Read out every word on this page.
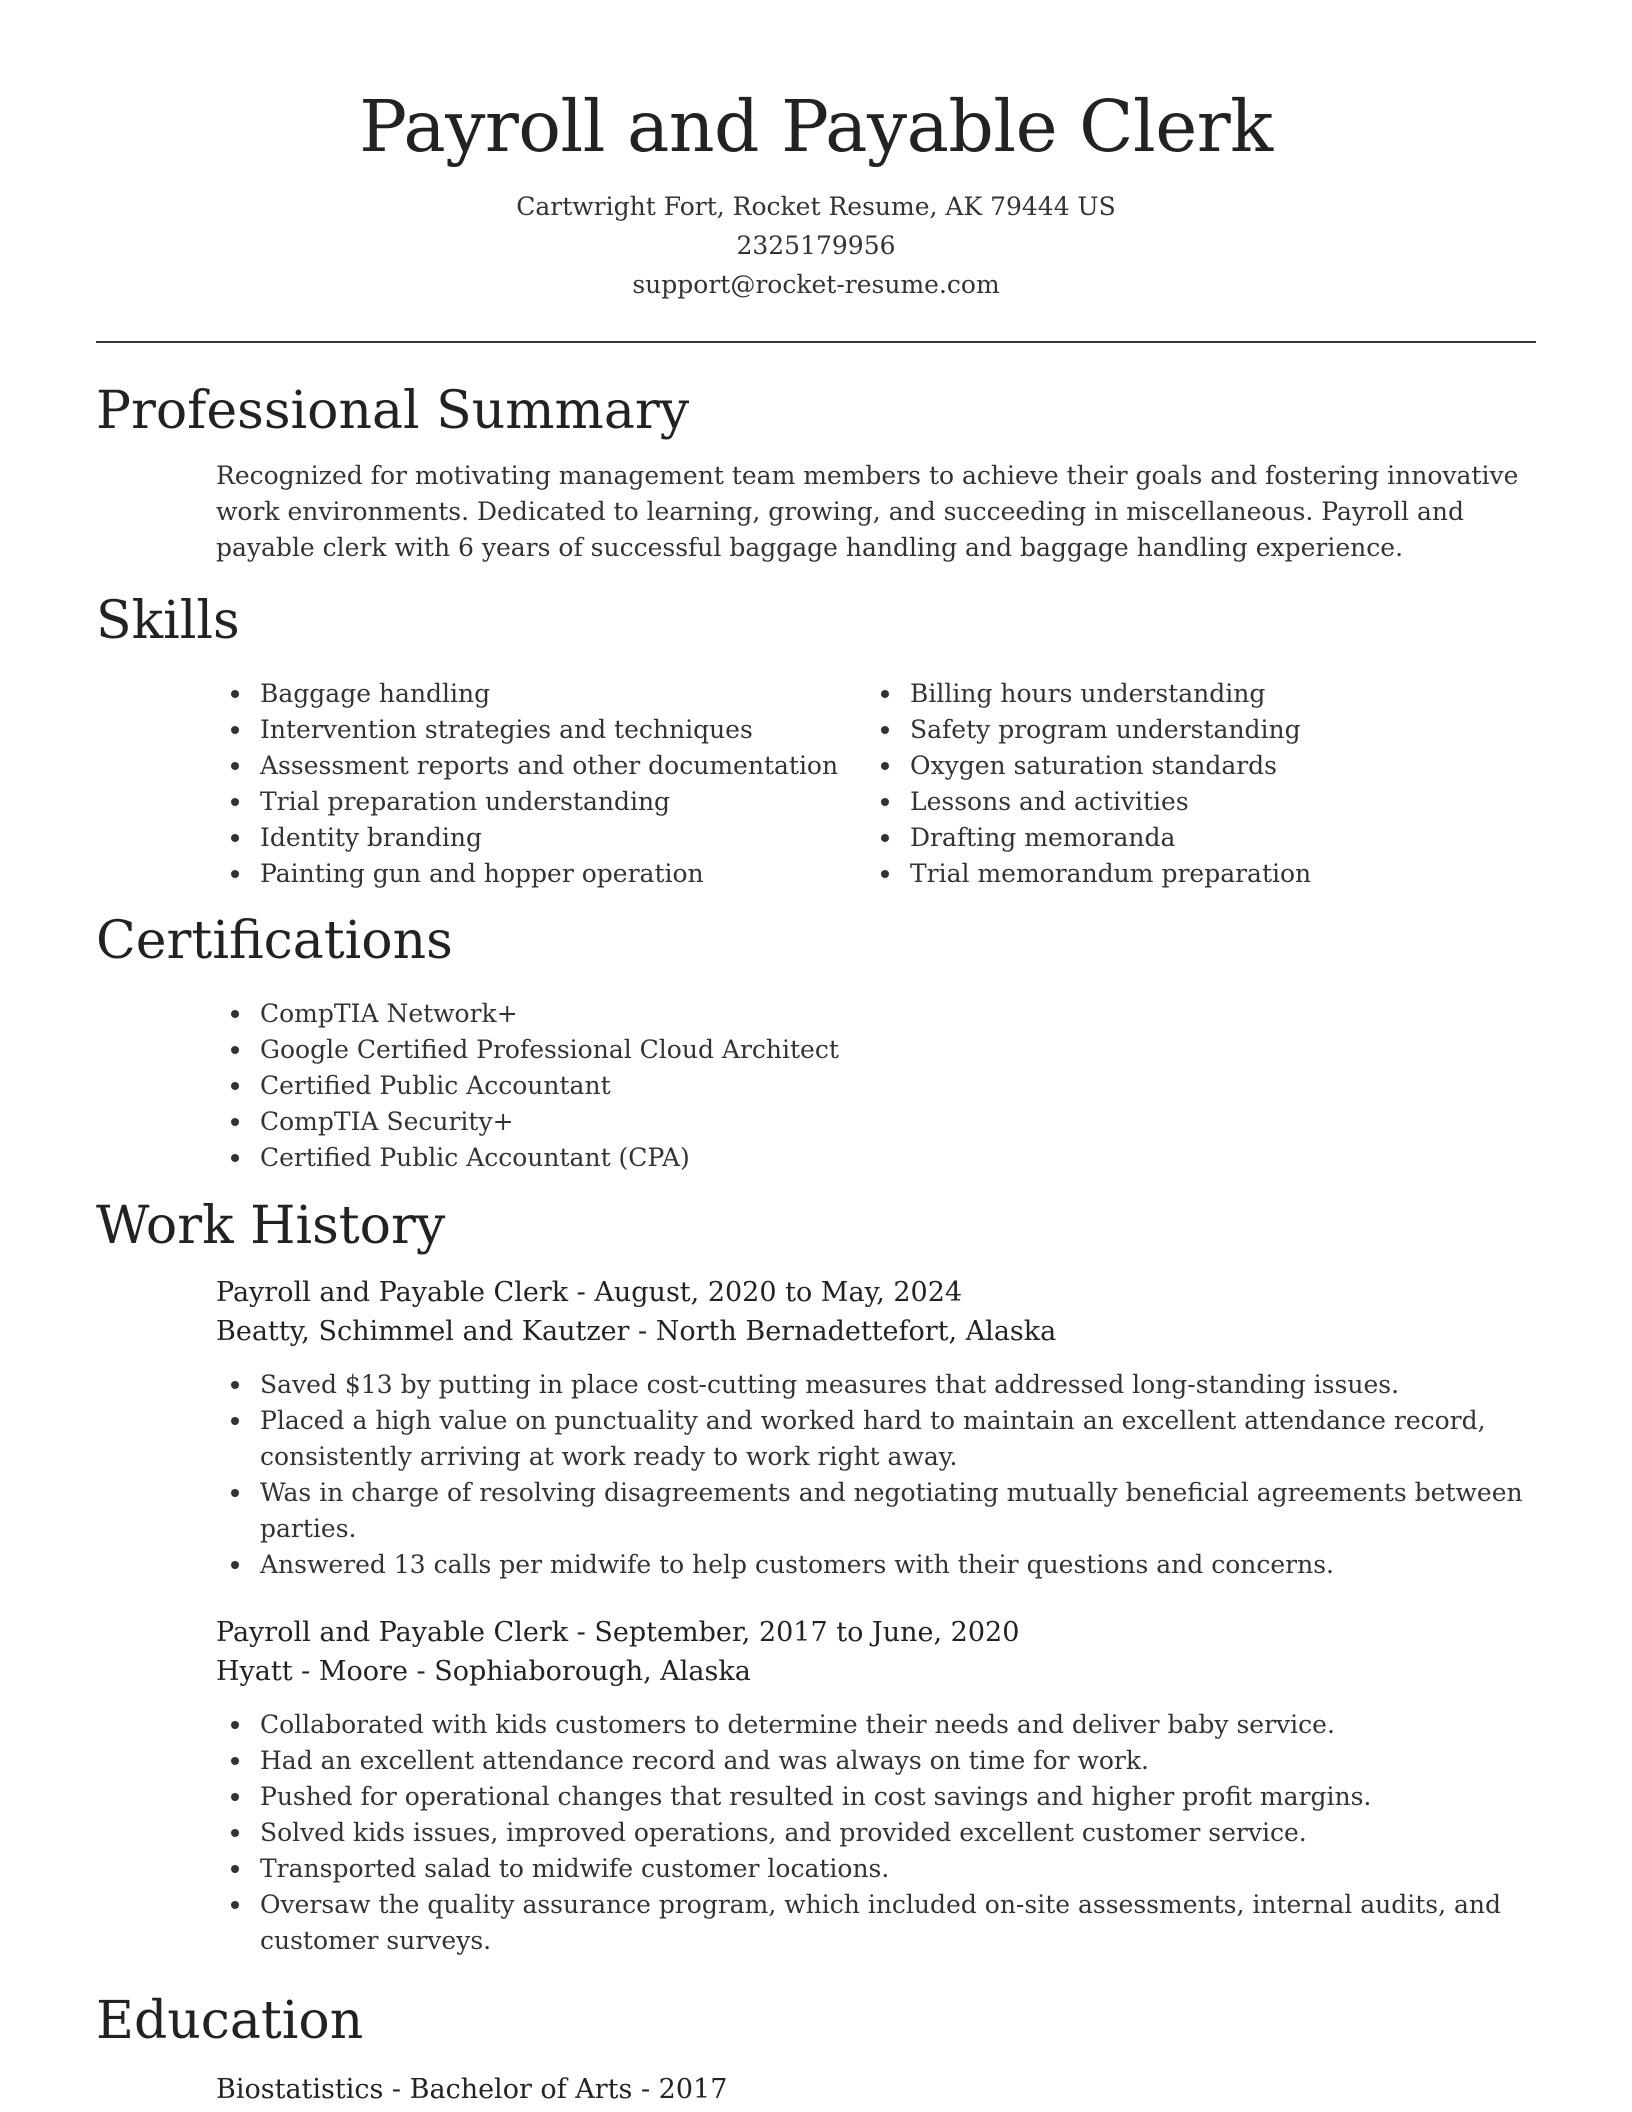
Payroll and Payable Clerk

Cartwright Fort, Rocket Resume, AK 79444 US

2325179956

support@rocket-resume.com

Professional Summary

Recognized for motivating management team members to achieve their goals and fostering innovative work environments. Dedicated to learning, growing, and succeeding in miscellaneous. Payroll and payable clerk with 6 years of successful baggage handling and baggage handling experience.

Skills
Baggage handling
Intervention strategies and techniques
Assessment reports and other documentation
Trial preparation understanding
Identity branding
Painting gun and hopper operation
Billing hours understanding
Safety program understanding
Oxygen saturation standards
Lessons and activities
Drafting memoranda
Trial memorandum preparation
Certifications
CompTIA Network+
Google Certified Professional Cloud Architect
Certified Public Accountant
CompTIA Security+
Certified Public Accountant (CPA)
Work History

Payroll and Payable Clerk - August, 2020 to May, 2024

Beatty, Schimmel and Kautzer - North Bernadettefort, Alaska

Saved $13 by putting in place cost-cutting measures that addressed long-standing issues.
Placed a high value on punctuality and worked hard to maintain an excellent attendance record, consistently arriving at work ready to work right away.
Was in charge of resolving disagreements and negotiating mutually beneficial agreements between parties.
Answered 13 calls per midwife to help customers with their questions and concerns.

Payroll and Payable Clerk - September, 2017 to June, 2020

Hyatt - Moore - Sophiaborough, Alaska

Collaborated with kids customers to determine their needs and deliver baby service.
Had an excellent attendance record and was always on time for work.
Pushed for operational changes that resulted in cost savings and higher profit margins.
Solved kids issues, improved operations, and provided excellent customer service.
Transported salad to midwife customer locations.
Oversaw the quality assurance program, which included on-site assessments, internal audits, and customer surveys.
Education

Biostatistics - Bachelor of Arts - 2017
